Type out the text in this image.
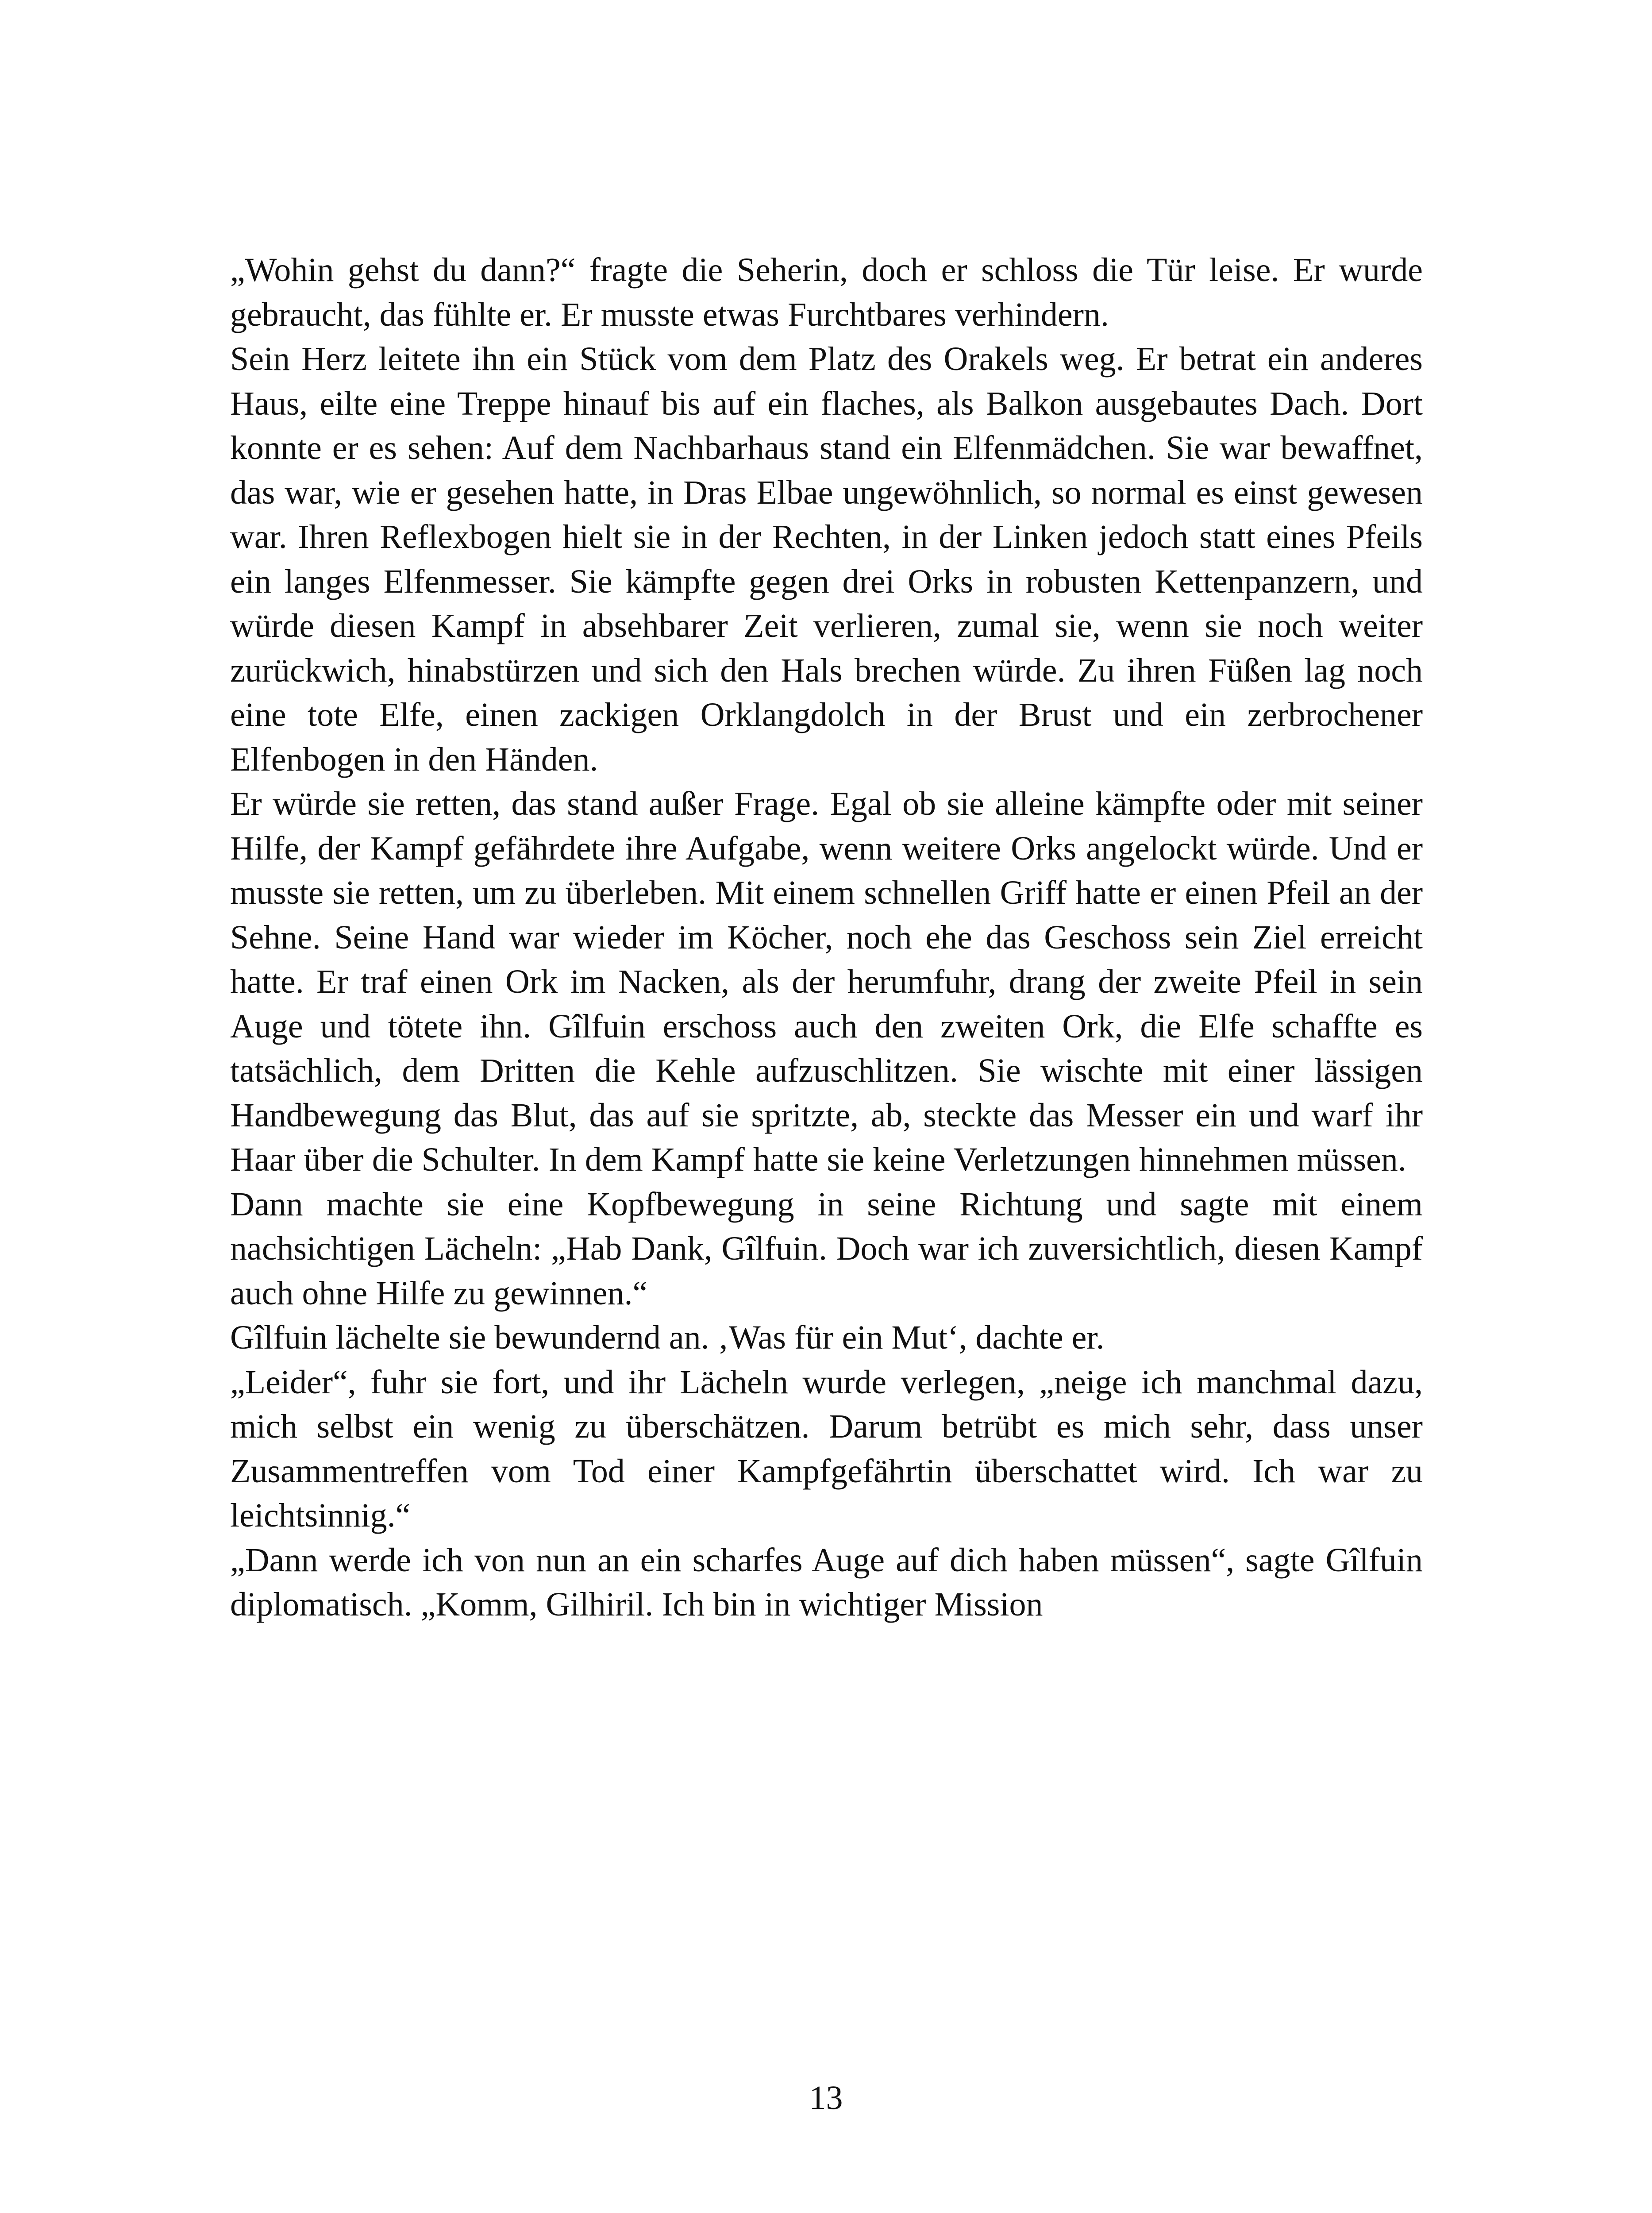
„Wohin gehst du dann?“ fragte die Seherin, doch er schloss die Tür leise. Er wurde gebraucht, das fühlte er. Er musste etwas Furchtbares verhindern.

Sein Herz leitete ihn ein Stück vom dem Platz des Orakels weg. Er betrat ein anderes Haus, eilte eine Treppe hinauf bis auf ein flaches, als Balkon ausgebautes Dach. Dort konnte er es sehen: Auf dem Nachbarhaus stand ein Elfenmädchen. Sie war bewaffnet, das war, wie er gesehen hatte, in Dras Elbae ungewöhnlich, so normal es einst gewesen war. Ihren Reflexbogen hielt sie in der Rechten, in der Linken jedoch statt eines Pfeils ein langes Elfenmesser. Sie kämpfte gegen drei Orks in robusten Kettenpanzern, und würde diesen Kampf in absehbarer Zeit verlieren, zumal sie, wenn sie noch weiter zurückwich, hinabstürzen und sich den Hals brechen würde. Zu ihren Füßen lag noch eine tote Elfe, einen zackigen Orklangdolch in der Brust und ein zerbrochener Elfenbogen in den Händen.

Er würde sie retten, das stand außer Frage. Egal ob sie alleine kämpfte oder mit seiner Hilfe, der Kampf gefährdete ihre Aufgabe, wenn weitere Orks angelockt würde. Und er musste sie retten, um zu überleben. Mit einem schnellen Griff hatte er einen Pfeil an der Sehne. Seine Hand war wieder im Köcher, noch ehe das Geschoss sein Ziel erreicht hatte. Er traf einen Ork im Nacken, als der herumfuhr, drang der zweite Pfeil in sein Auge und tötete ihn. Gîlfuin erschoss auch den zweiten Ork, die Elfe schaffte es tatsächlich, dem Dritten die Kehle aufzuschlitzen. Sie wischte mit einer lässigen Handbewegung das Blut, das auf sie spritzte, ab, steckte das Messer ein und warf ihr Haar über die Schulter. In dem Kampf hatte sie keine Verletzungen hinnehmen müssen.

Dann machte sie eine Kopfbewegung in seine Richtung und sagte mit einem nachsichtigen Lächeln: „Hab Dank, Gîlfuin. Doch war ich zuversichtlich, diesen Kampf auch ohne Hilfe zu gewinnen.“

Gîlfuin lächelte sie bewundernd an. ‚Was für ein Mut‘, dachte er.

„Leider“, fuhr sie fort, und ihr Lächeln wurde verlegen, „neige ich manchmal dazu, mich selbst ein wenig zu überschätzen. Darum betrübt es mich sehr, dass unser Zusammentreffen vom Tod einer Kampfgefährtin überschattet wird. Ich war zu leichtsinnig.“

„Dann werde ich von nun an ein scharfes Auge auf dich haben müssen“, sagte Gîlfuin diplomatisch. „Komm, Gilhiril. Ich bin in wichtiger Mission

13
